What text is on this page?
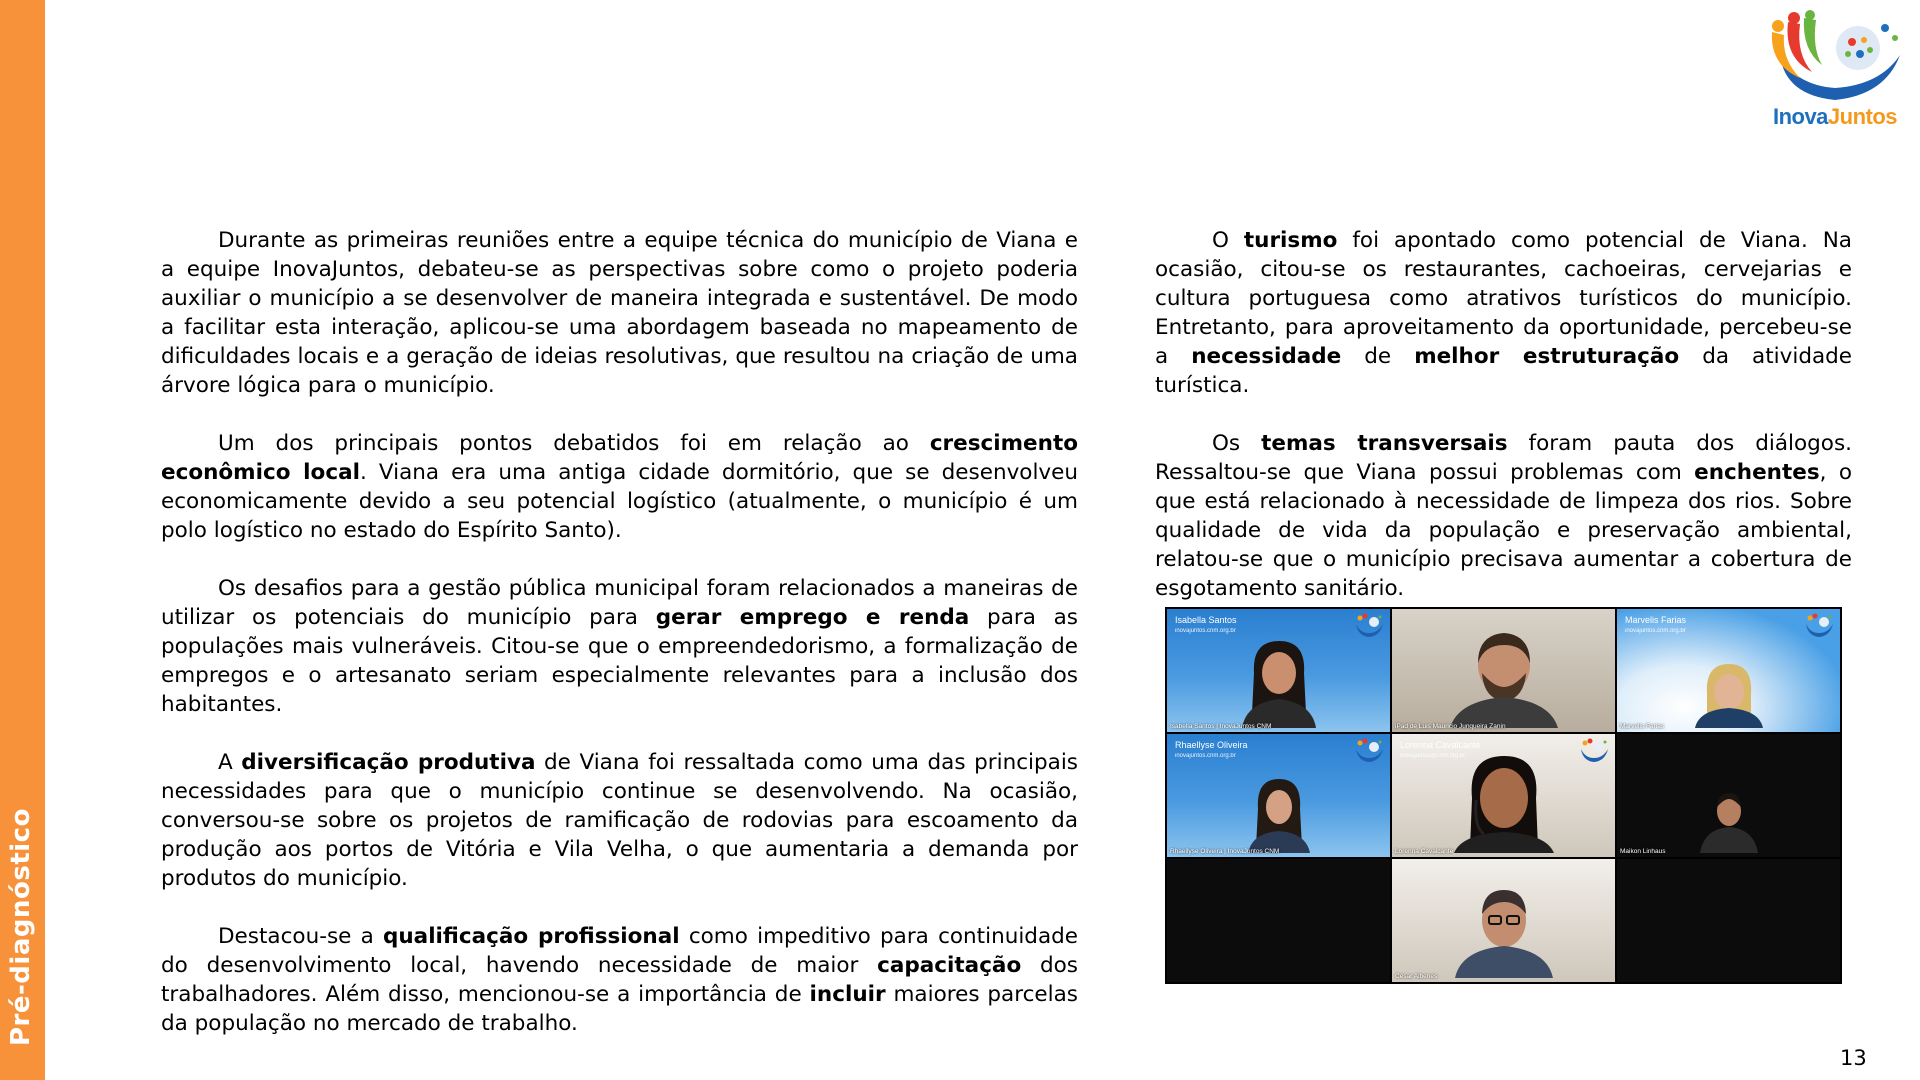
Pré-diagnóstico
InovaJuntos

Durante as primeiras reuniões entre a equipe técnica do município de Viana e a equipe InovaJuntos, debateu-se as perspectivas sobre como o projeto poderia auxiliar o município a se desenvolver de maneira integrada e sustentável. De modo a facilitar esta interação, aplicou-se uma abordagem baseada no mapeamento de dificuldades locais e a geração de ideias resolutivas, que resultou na criação de uma árvore lógica para o município.

Um dos principais pontos debatidos foi em relação ao crescimento econômico local. Viana era uma antiga cidade dormitório, que se desenvolveu economicamente devido a seu potencial logístico (atualmente, o município é um polo logístico no estado do Espírito Santo).

Os desafios para a gestão pública municipal foram relacionados a maneiras de utilizar os potenciais do município para gerar emprego e renda para as populações mais vulneráveis. Citou-se que o empreendedorismo, a formalização de empregos e o artesanato seriam especialmente relevantes para a inclusão dos habitantes.

A diversificação produtiva de Viana foi ressaltada como uma das principais necessidades para que o município continue se desenvolvendo. Na ocasião, conversou-se sobre os projetos de ramificação de rodovias para escoamento da produção aos portos de Vitória e Vila Velha, o que aumentaria a demanda por produtos do município.

Destacou-se a qualificação profissional como impeditivo para continuidade do desenvolvimento local, havendo necessidade de maior capacitação dos trabalhadores. Além disso, mencionou-se a importância de incluir maiores parcelas da população no mercado de trabalho.

O turismo foi apontado como potencial de Viana. Na ocasião, citou-se os restaurantes, cachoeiras, cervejarias e cultura portuguesa como atrativos turísticos do município. Entretanto, para aproveitamento da oportunidade, percebeu-se a necessidade de melhor estruturação da atividade turística.

Os temas transversais foram pauta dos diálogos. Ressaltou-se que Viana possui problemas com enchentes, o que está relacionado à necessidade de limpeza dos rios. Sobre qualidade de vida da população e preservação ambiental, relatou-se que o município precisava aumentar a cobertura de esgotamento sanitário.

Isabella Santos
inovajuntos.cnm.org.br
Isabella Santos | InovaJuntos CNM	iPad de Luis Mauricio Junqueira Zanin
Marvelis Farias
inovajuntos.cnm.org.br
Marvelis Farias
Rhaellyse Oliveira
inovajuntos.cnm.org.br
Rhaellyse Oliveira | InovaJuntos CNM
Lorenna Cavalcante
inovajuntos@cnm.org.br
Lorenna Cavalcante	Maikon Linhaus
César Albenes
13
